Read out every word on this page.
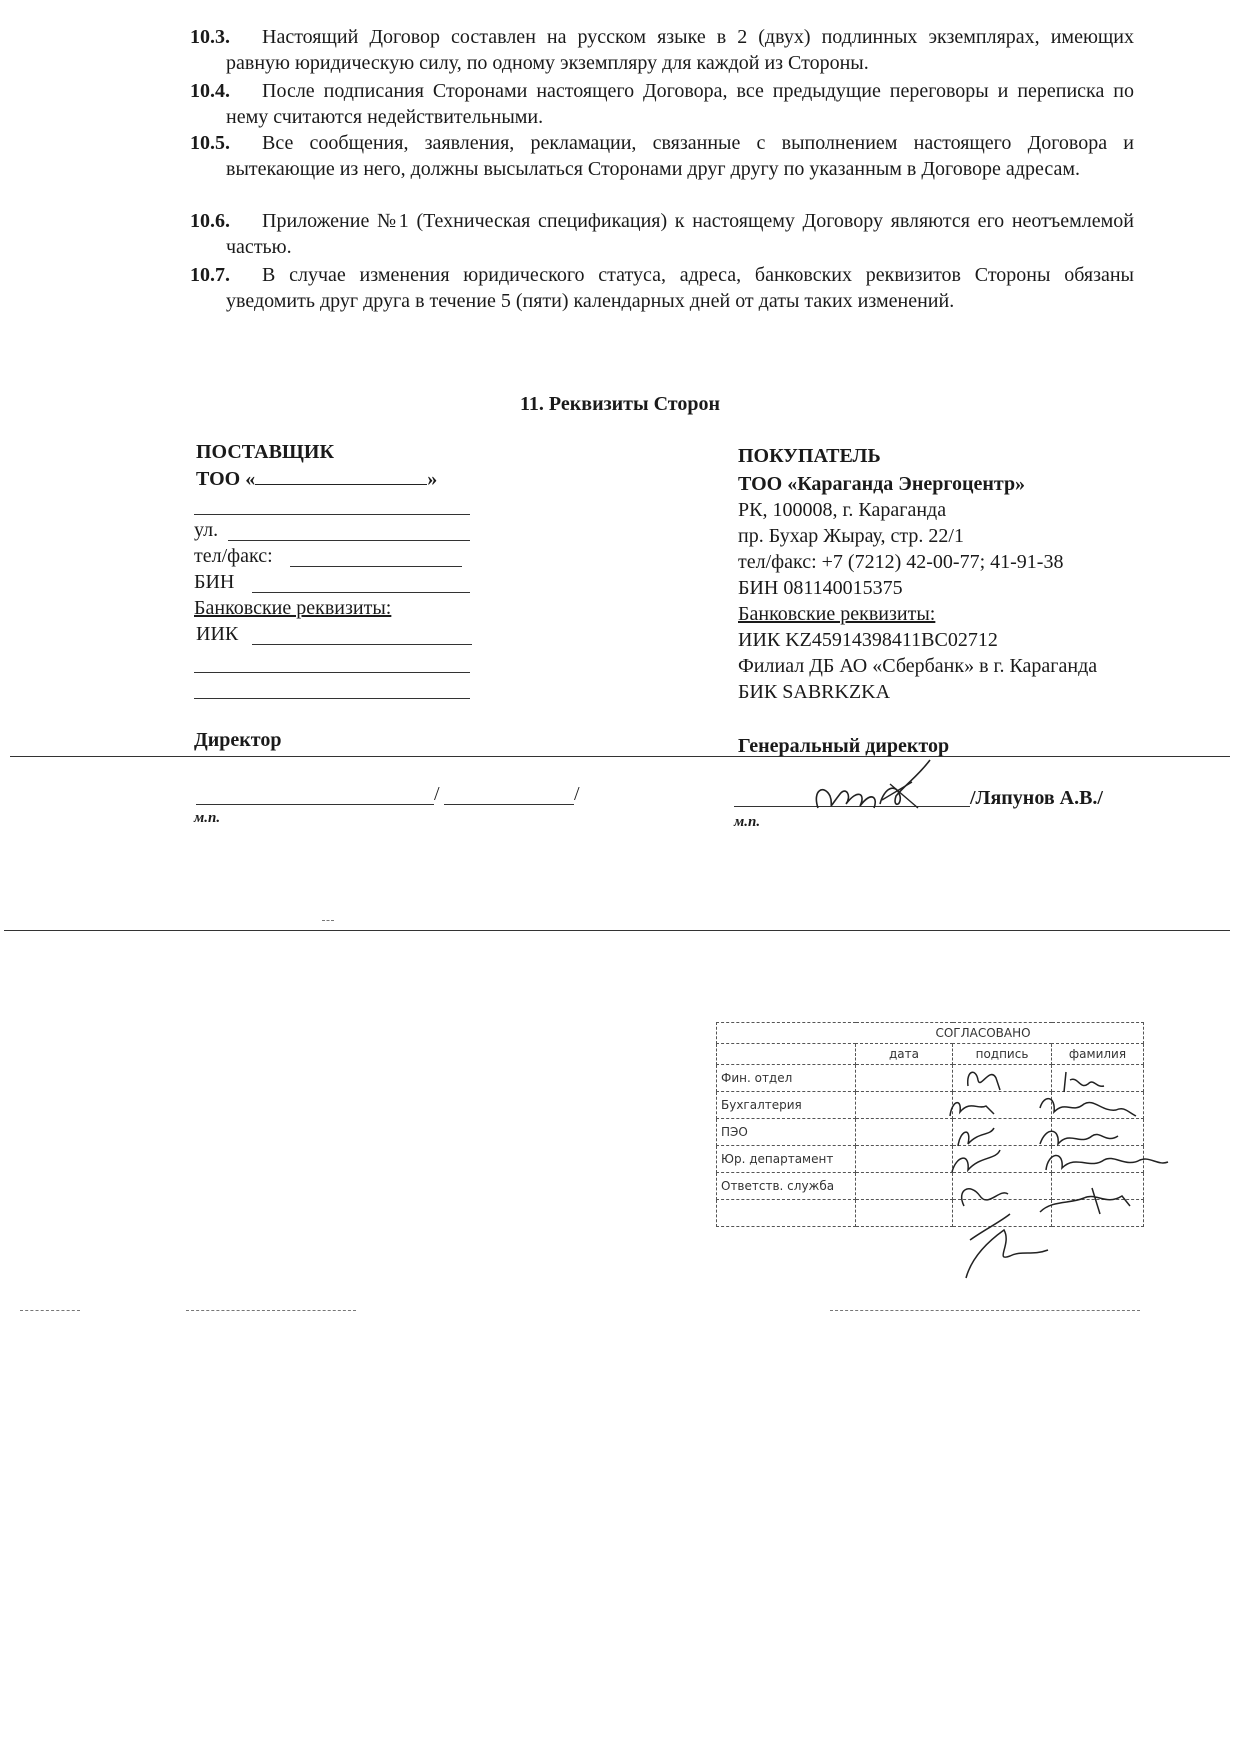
10.3.	Настоящий Договор составлен на русском языке в 2 (двух) подлинных экземплярах, имеющих равную юридическую силу, по одному экземпляру для каждой из Стороны.
10.4.	После подписания Сторонами настоящего Договора, все предыдущие переговоры и переписка по нему считаются недействительными.
10.5.	Все сообщения, заявления, рекламации, связанные с выполнением настоящего Договора и вытекающие из него, должны высылаться Сторонами друг другу по указанным в Договоре адресам.
10.6.	Приложение №1 (Техническая спецификация) к настоящему Договору являются его неотъемлемой частью.
10.7.	В случае изменения юридического статуса, адреса, банковских реквизитов Стороны обязаны уведомить друг друга в течение 5 (пяти) календарных дней от даты таких изменений.
11. Реквизиты Сторон
ПОСТАВЩИК
ТОО «	»
ул.
тел/факс:
БИН
Банковские реквизиты:
ИИК
Директор
ПОКУПАТЕЛЬ
ТОО «Караганда Энергоцентр»
РК, 100008, г. Караганда
пр. Бухар Жырау, стр. 22/1
тел/факс: +7 (7212) 42-00-77; 41-91-38
БИН 081140015375
Банковские реквизиты:
ИИК KZ45914398411BC02712
Филиал ДБ АО «Сбербанк» в г. Караганда
БИК SABRKZKA
Генеральный директор
/	/
м.п.
/Ляпунов А.В./
м.п.
СОГЛАСОВАНО			
	дата	подпись	фамилия
Фин. отдел			
Бухгалтерия			
ПЭО			
Юр. департамент			
Ответств. служба			
